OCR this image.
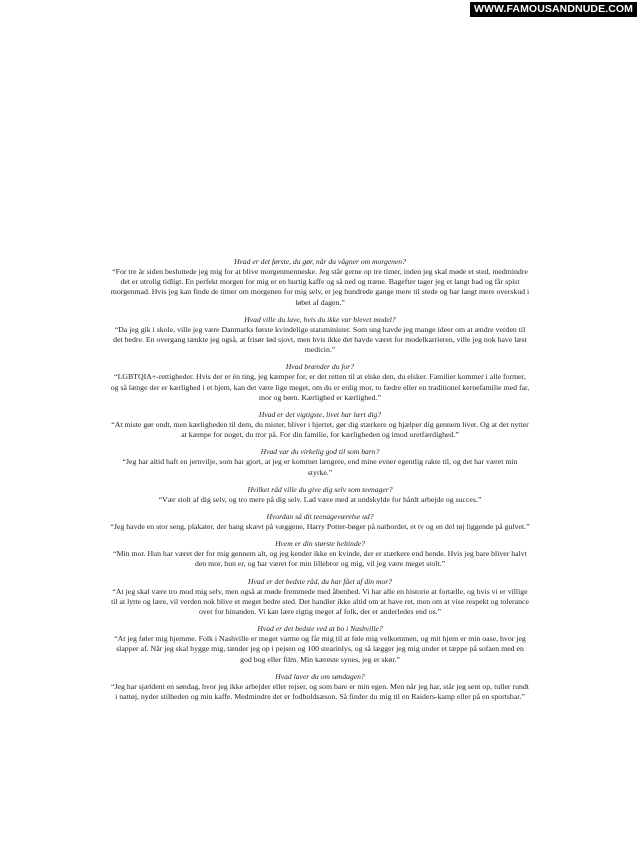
WWW.FAMOUSANDNUDE.COM

Hvad er det første, du gør, når du vågner om morgenen?

“For tre år siden besluttede jeg mig for at blive morgenmenneske. Jeg står gerne op tre timer, inden jeg skal møde et sted, medmindre det er utrolig tidligt. En perfekt morgen for mig er en hurtig kaffe og så ned og træne. Bagefter tager jeg et langt bad og får spist morgenmad. Hvis jeg kan finde de timer om morgenen for mig selv, er jeg hundrede gange mere til stede og har langt mere overskud i løbet af dagen.”

Hvad ville du lave, hvis du ikke var blevet model?

“Da jeg gik i skole, ville jeg være Danmarks første kvindelige statsminister. Som ung havde jeg mange ideer om at ændre verden til det bedre. En overgang tænkte jeg også, at frisør lød sjovt, men hvis ikke det havde været for modelkarrieren, ville jeg nok have læst medicin.”

Hvad brænder du for?

“LGBTQIA+-rettigheder. Hvis der er én ting, jeg kæmper for, er det retten til at elske den, du elsker. Familier kommer i alle former, og så længe der er kærlighed i et hjem, kan det være lige meget, om du er enlig mor, to fædre eller en traditionel kernefamilie med far, mor og børn. Kærlighed er kærlighed.”

Hvad er det vigtigste, livet har lært dig?

“At miste gør ondt, men kærligheden til dem, du mister, bliver i hjertet, gør dig stærkere og hjælper dig gennem livet. Og at det nytter at kæmpe for noget, du tror på. For din familie, for kærligheden og imod uretfærdighed.”

Hvad var du virkelig god til som barn?

“Jeg har altid haft en jernvilje, som har gjort, at jeg er kommet længere, end mine evner egentlig rakte til, og det har været min styrke.”

Hvilket råd ville du give dig selv som teenager?

“Vær stolt af dig selv, og tro mere på dig selv. Lad være med at undskylde for hårdt arbejde og succes.”

Hvordan så dit teenageværelse ud?

“Jeg havde en stor seng, plakater, der hang skævt på væggene, Harry Potter-bøger på natbordet, et tv og en del tøj liggende på gulvet.”

Hvem er din største heltinde?

“Min mor. Hun har været der for mig gennem alt, og jeg kender ikke en kvinde, der er stærkere end hende. Hvis jeg bare bliver halvt den mor, hun er, og har været for min lillebror og mig, vil jeg være meget stolt.”

Hvad er det bedste råd, du har fået af din mor?

“At jeg skal være tro mod mig selv, men også at møde fremmede med åbenhed. Vi har alle en historie at fortælle, og hvis vi er villige til at lytte og lære, vil verden nok blive et meget bedre sted. Det handler ikke altid om at have ret, men om at vise respekt og tolerance over for hinanden. Vi kan lære rigtig meget af folk, der er anderledes end os.”

Hvad er det bedste ved at bo i Nashville?

“At jeg føler mig hjemme. Folk i Nashville er meget varme og får mig til at føle mig velkommen, og mit hjem er min oase, hvor jeg slapper af. Når jeg skal hygge mig, tænder jeg op i pejsen og 100 stearinlys, og så lægger jeg mig under et tæppe på sofaen med en god bog eller film. Min kæreste synes, jeg er skør.”

Hvad laver du om søndagen?

“Jeg har sjældent en søndag, hvor jeg ikke arbejder eller rejser, og som bare er min egen. Men når jeg har, står jeg sent op, tuller rundt i nattøj, nyder stilheden og min kaffe. Medmindre det er fodboldsæson. Så finder du mig til en Raiders-kamp eller på en sportsbar.”
